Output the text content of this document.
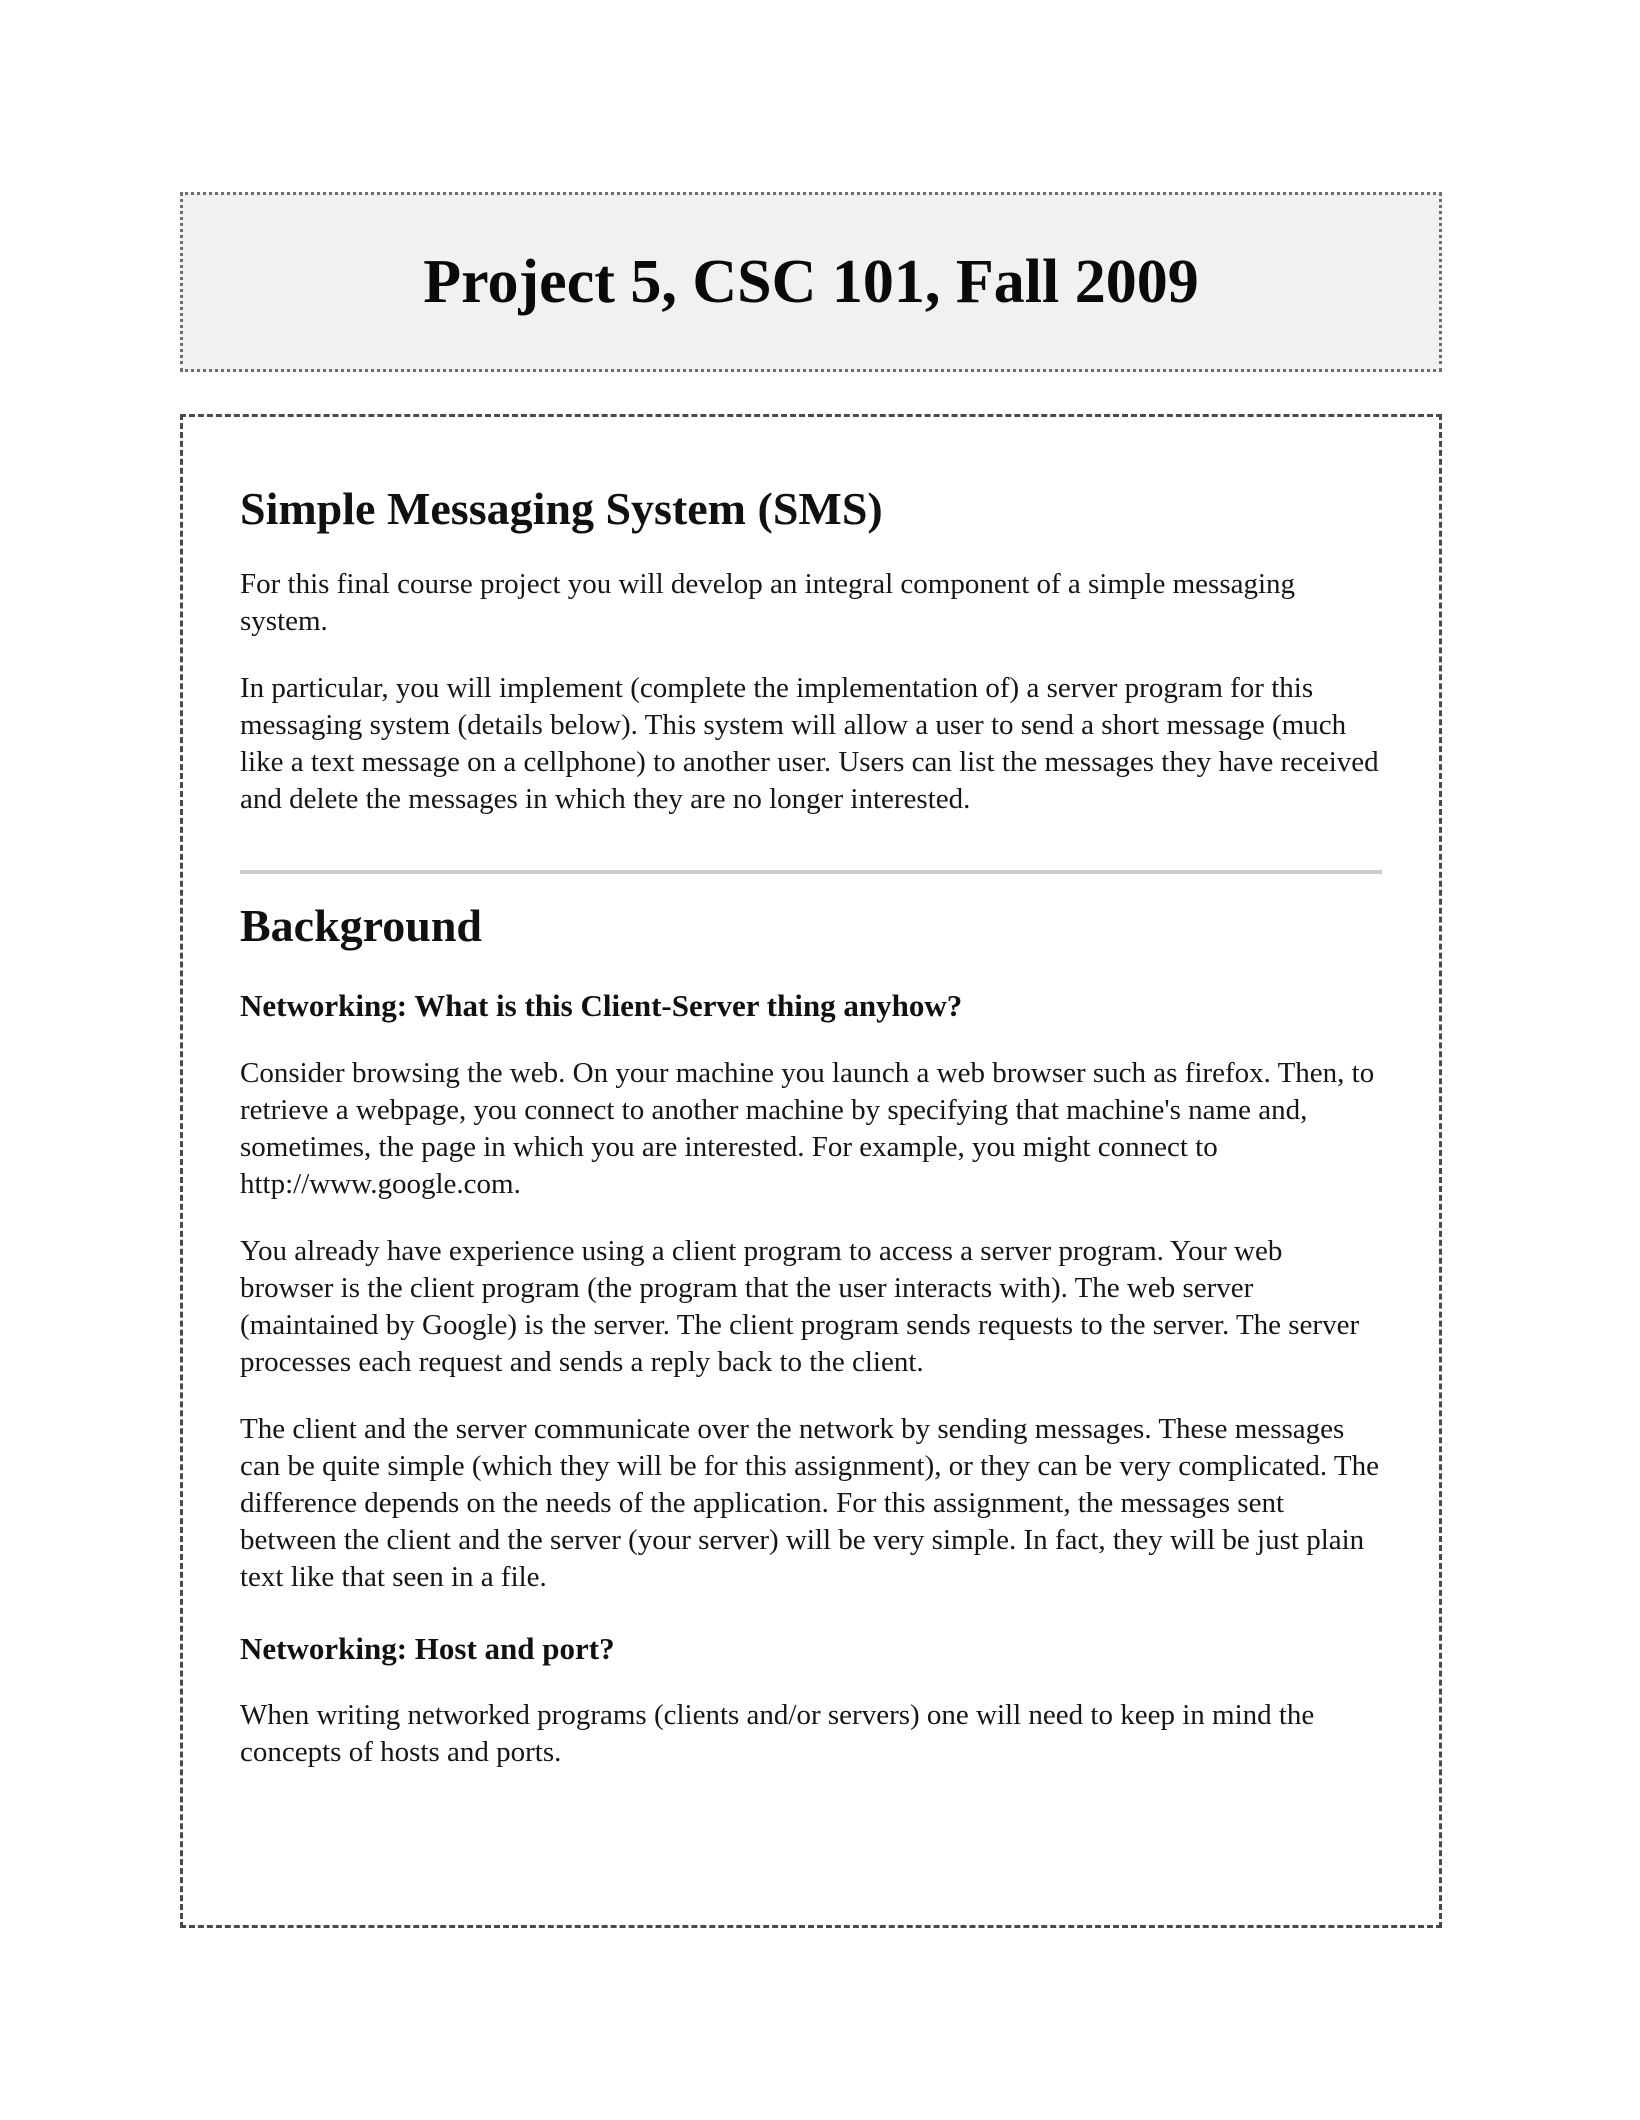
Project 5, CSC 101, Fall 2009
Simple Messaging System (SMS)

For this final course project you will develop an integral component of a simple messaging system.

In particular, you will implement (complete the implementation of) a server program for this messaging system (details below). This system will allow a user to send a short message (much like a text message on a cellphone) to another user. Users can list the messages they have received and delete the messages in which they are no longer interested.

Background
Networking: What is this Client-Server thing anyhow?

Consider browsing the web. On your machine you launch a web browser such as firefox. Then, to retrieve a webpage, you connect to another machine by specifying that machine's name and, sometimes, the page in which you are interested. For example, you might connect to http://www.google.com.

You already have experience using a client program to access a server program. Your web browser is the client program (the program that the user interacts with). The web server (maintained by Google) is the server. The client program sends requests to the server. The server processes each request and sends a reply back to the client.

The client and the server communicate over the network by sending messages. These messages can be quite simple (which they will be for this assignment), or they can be very complicated. The difference depends on the needs of the application. For this assignment, the messages sent between the client and the server (your server) will be very simple. In fact, they will be just plain text like that seen in a file.

Networking: Host and port?

When writing networked programs (clients and/or servers) one will need to keep in mind the concepts of hosts and ports.
